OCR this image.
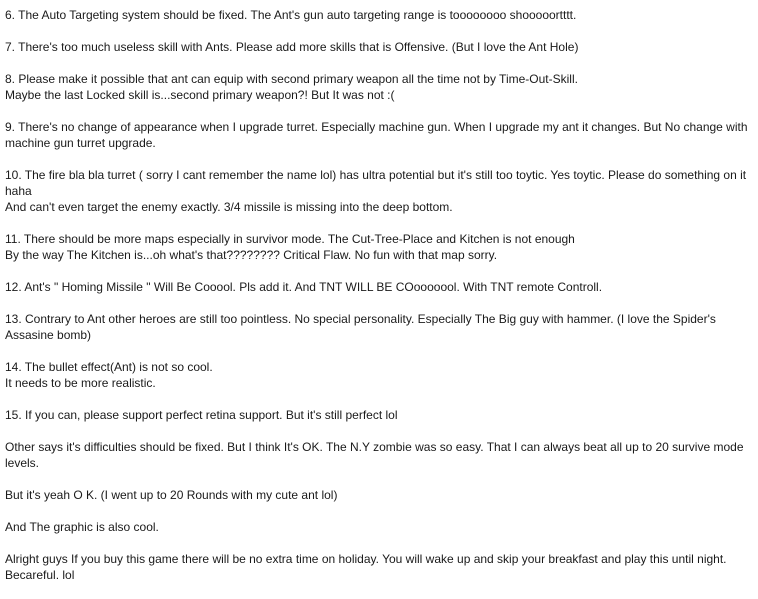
6. The Auto Targeting system should be fixed. The Ant's gun auto targeting range is toooooooo shooooortttt.
7. There's too much useless skill with Ants. Please add more skills that is Offensive. (But I love the Ant Hole)
8. Please make it possible that ant can equip with second primary weapon all the time not by Time-Out-Skill.
Maybe the last Locked skill is...second primary weapon?! But It was not :(
9. There's no change of appearance when I upgrade turret. Especially machine gun. When I upgrade my ant it changes. But No change with machine gun turret upgrade.
10. The fire bla bla turret ( sorry I cant remember the name lol) has ultra potential but it's still too toytic. Yes toytic. Please do something on it haha
And can't even target the enemy exactly. 3/4 missile is missing into the deep bottom.
11. There should be more maps especially in survivor mode. The Cut-Tree-Place and Kitchen is not enough
By the way The Kitchen is...oh what's that???????? Critical Flaw. No fun with that map sorry.
12. Ant's " Homing Missile " Will Be Cooool. Pls add it. And TNT WILL BE COooooool. With TNT remote Controll.
13. Contrary to Ant other heroes are still too pointless. No special personality. Especially The Big guy with hammer. (I love the Spider's Assasine bomb)
14. The bullet effect(Ant) is not so cool.
It needs to be more realistic.
15. If you can, please support perfect retina support. But it's still perfect lol
Other says it's difficulties should be fixed. But I think It's OK. The N.Y zombie was so easy. That I can always beat all up to 20 survive mode levels.
But it's yeah O K. (I went up to 20 Rounds with my cute ant lol)
And The graphic is also cool.
Alright guys If you buy this game there will be no extra time on holiday. You will wake up and skip your breakfast and play this until night. Becareful. lol
